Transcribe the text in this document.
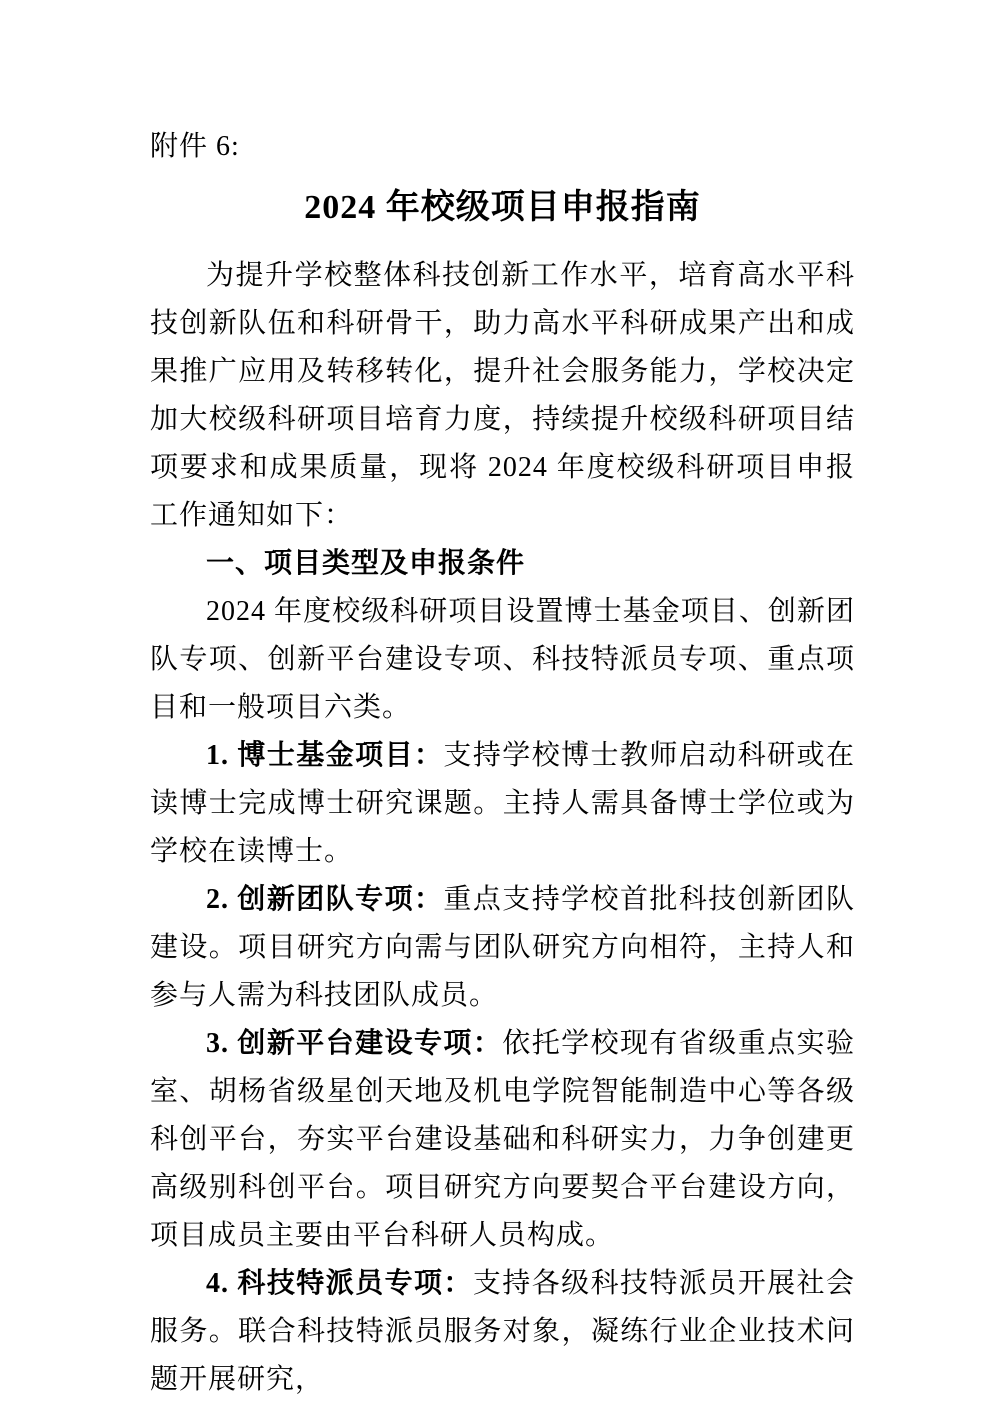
附件 6:
2024 年校级项目申报指南

为提升学校整体科技创新工作水平，培育高水平科技创新队伍和科研骨干，助力高水平科研成果产出和成果推广应用及转移转化，提升社会服务能力，学校决定加大校级科研项目培育力度，持续提升校级科研项目结项要求和成果质量，现将 2024 年度校级科研项目申报工作通知如下：

一、项目类型及申报条件

2024 年度校级科研项目设置博士基金项目、创新团队专项、创新平台建设专项、科技特派员专项、重点项目和一般项目六类。

1. 博士基金项目：支持学校博士教师启动科研或在读博士完成博士研究课题。主持人需具备博士学位或为学校在读博士。

2. 创新团队专项：重点支持学校首批科技创新团队建设。项目研究方向需与团队研究方向相符，主持人和参与人需为科技团队成员。

3. 创新平台建设专项：依托学校现有省级重点实验室、胡杨省级星创天地及机电学院智能制造中心等各级科创平台，夯实平台建设基础和科研实力，力争创建更高级别科创平台。项目研究方向要契合平台建设方向，项目成员主要由平台科研人员构成。

4. 科技特派员专项：支持各级科技特派员开展社会服务。联合科技特派员服务对象，凝练行业企业技术问题开展研究，
